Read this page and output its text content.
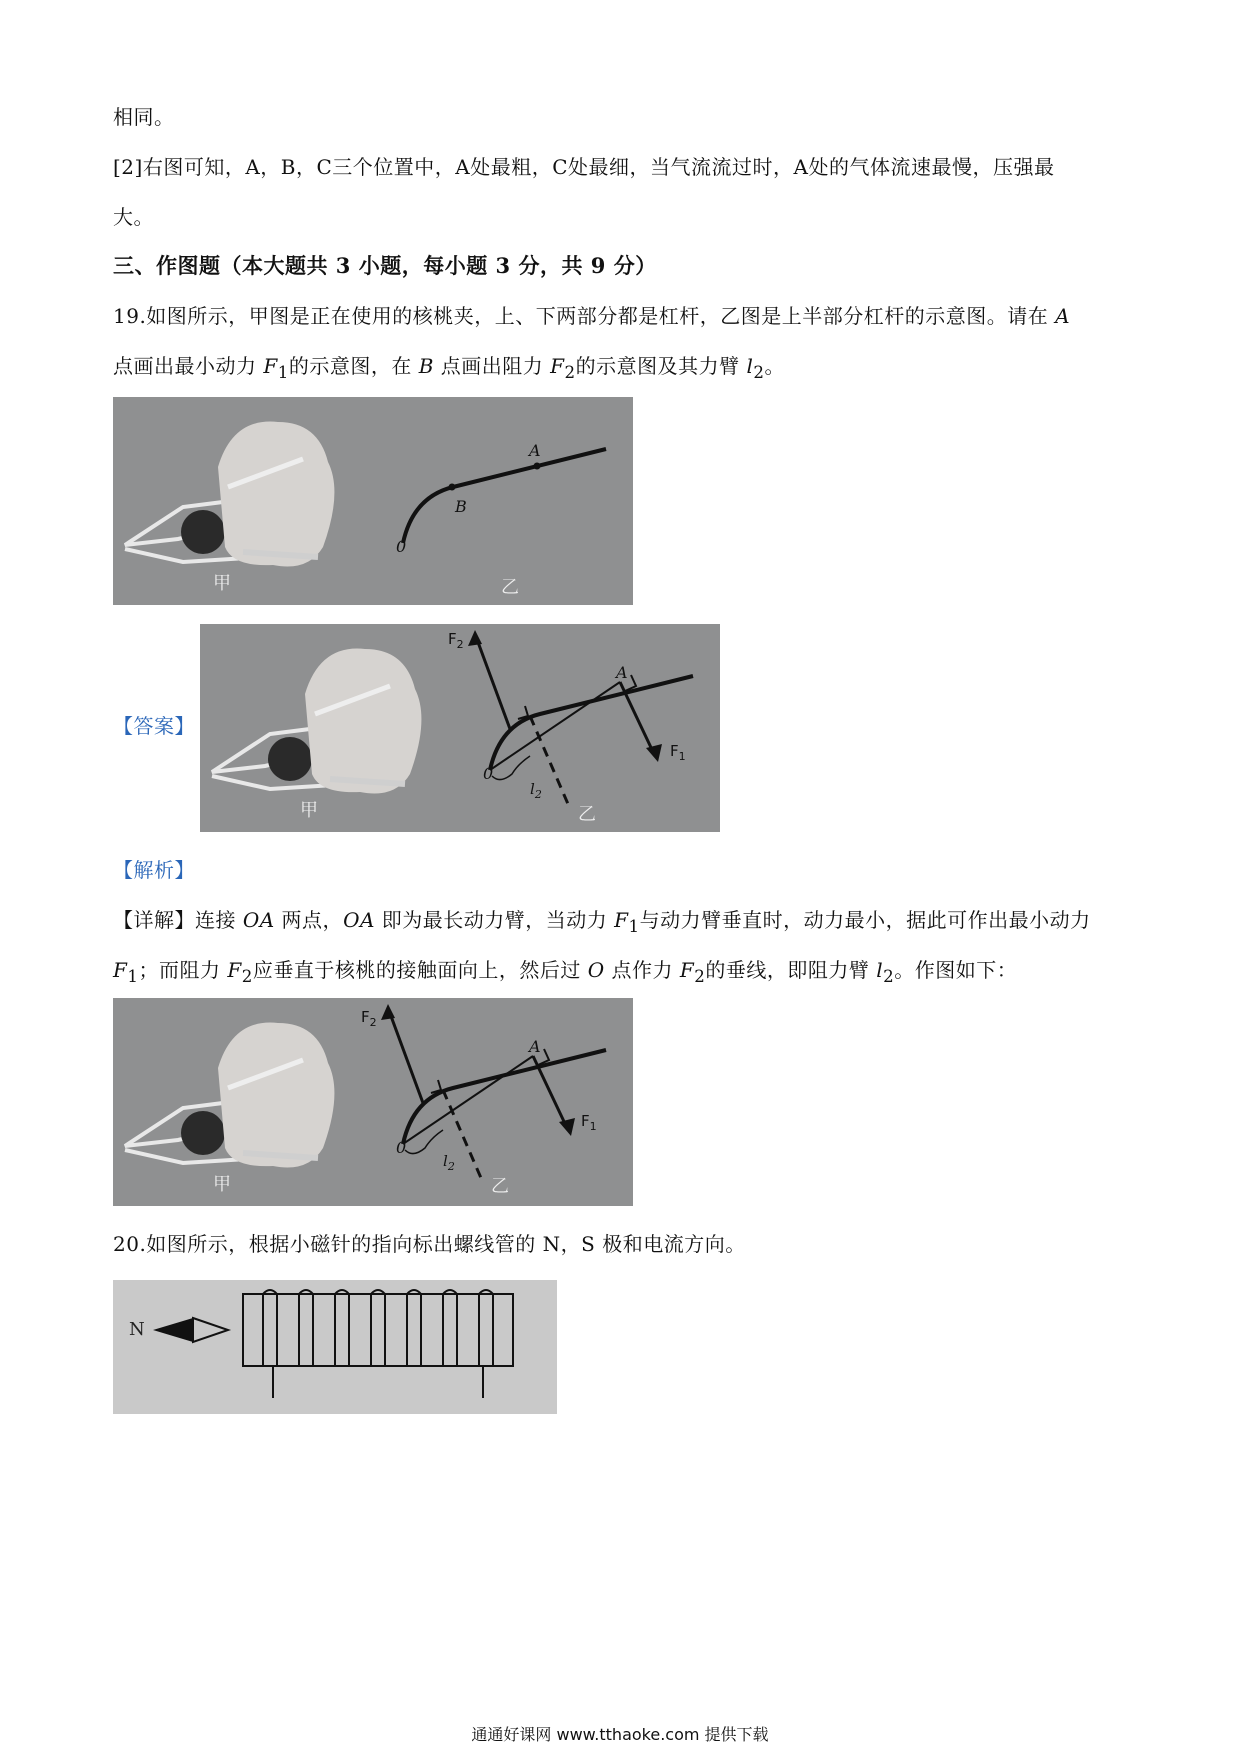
相同。
[2]右图可知，A，B，C三个位置中，A处最粗，C处最细，当气流流过时，A处的气体流速最慢，压强最
大。
三、作图题（本大题共 3 小题，每小题 3 分，共 9 分）
19.如图所示，甲图是正在使用的核桃夹，上、下两部分都是杠杆，乙图是上半部分杠杆的示意图。请在 A
点画出最小动力 $F_1$的示意图，在 B 点画出阻力 $F_2$的示意图及其力臂 $l_2$。
甲
0
B
A
乙
【答案】
甲
0
A
$F_2$
$F_1$
$l_2$
乙
【解析】
【详解】连接 OA 两点，OA 即为最长动力臂，当动力 $F_1$与动力臂垂直时，动力最小，据此可作出最小动力
$F_1$；而阻力 $F_2$应垂直于核桃的接触面向上，然后过 O 点作力 $F_2$的垂线，即阻力臂 $l_2$。作图如下：
甲
0
A
$F_2$
$F_1$
$l_2$
乙
20.如图所示，根据小磁针的指向标出螺线管的 N，S 极和电流方向。
N
通通好课网 www.tthaoke.com 提供下载
